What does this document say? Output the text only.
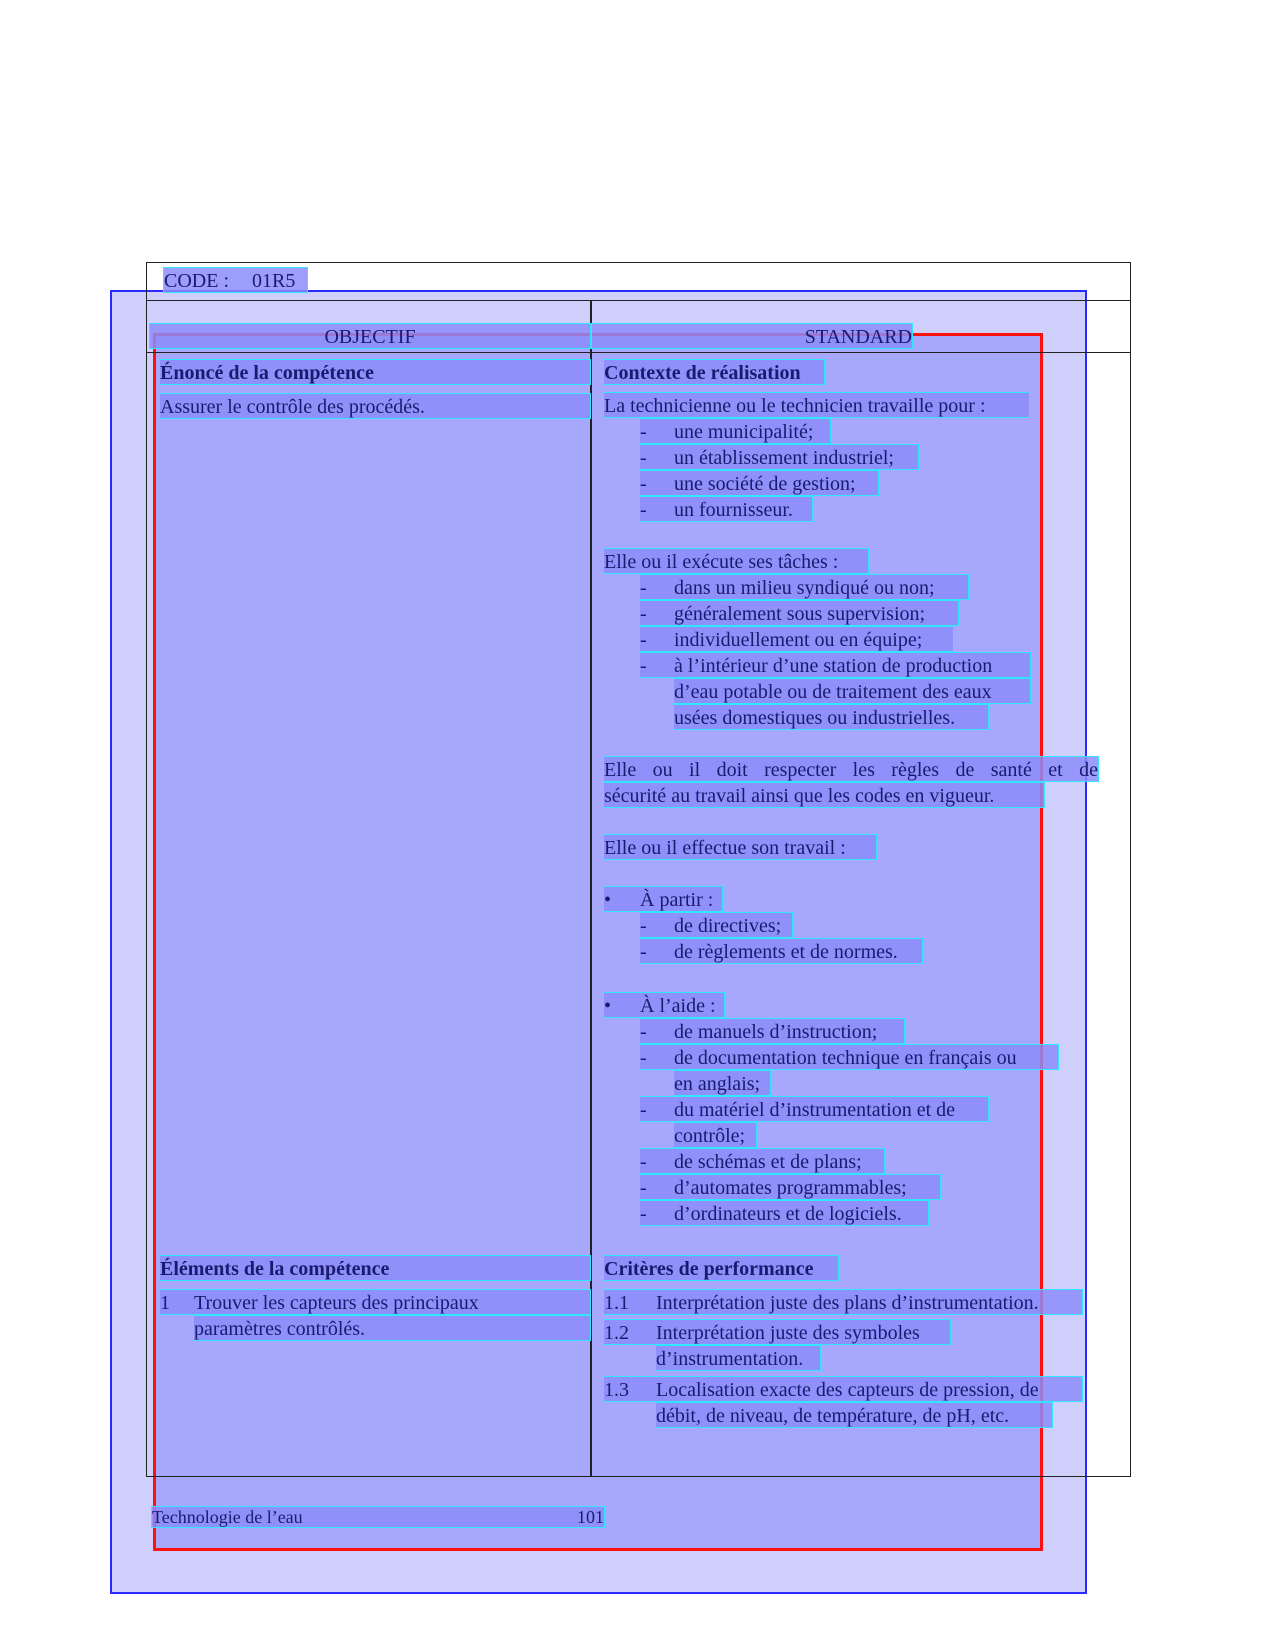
CODE : 01R5
OBJECTIF	STANDARD
Énoncé de la compétence
Assurer le contrôle des procédés.
Éléments de la compétence
1 Trouver les capteurs des principaux
paramètres contrôlés.
Contexte de réalisation
La technicienne ou le technicien travaille pour :
- une municipalité;
- un établissement industriel;
- une société de gestion;
- un fournisseur.
Elle ou il exécute ses tâches :
- dans un milieu syndiqué ou non;
- généralement sous supervision;
- individuellement ou en équipe;
- à l’intérieur d’une station de production
d’eau potable ou de traitement des eaux
usées domestiques ou industrielles.
Elle ou il doit respecter les règles de santé et de
sécurité au travail ainsi que les codes en vigueur.
Elle ou il effectue son travail :
• À partir :
- de directives;
- de règlements et de normes.
• À l’aide :
- de manuels d’instruction;
- de documentation technique en français ou
en anglais;
- du matériel d’instrumentation et de
contrôle;
- de schémas et de plans;
- d’automates programmables;
- d’ordinateurs et de logiciels.
Critères de performance
1.1 Interprétation juste des plans d’instrumentation.
1.2 Interprétation juste des symboles
d’instrumentation.
1.3 Localisation exacte des capteurs de pression, de
débit, de niveau, de température, de pH, etc.
Technologie de l’eau	101
